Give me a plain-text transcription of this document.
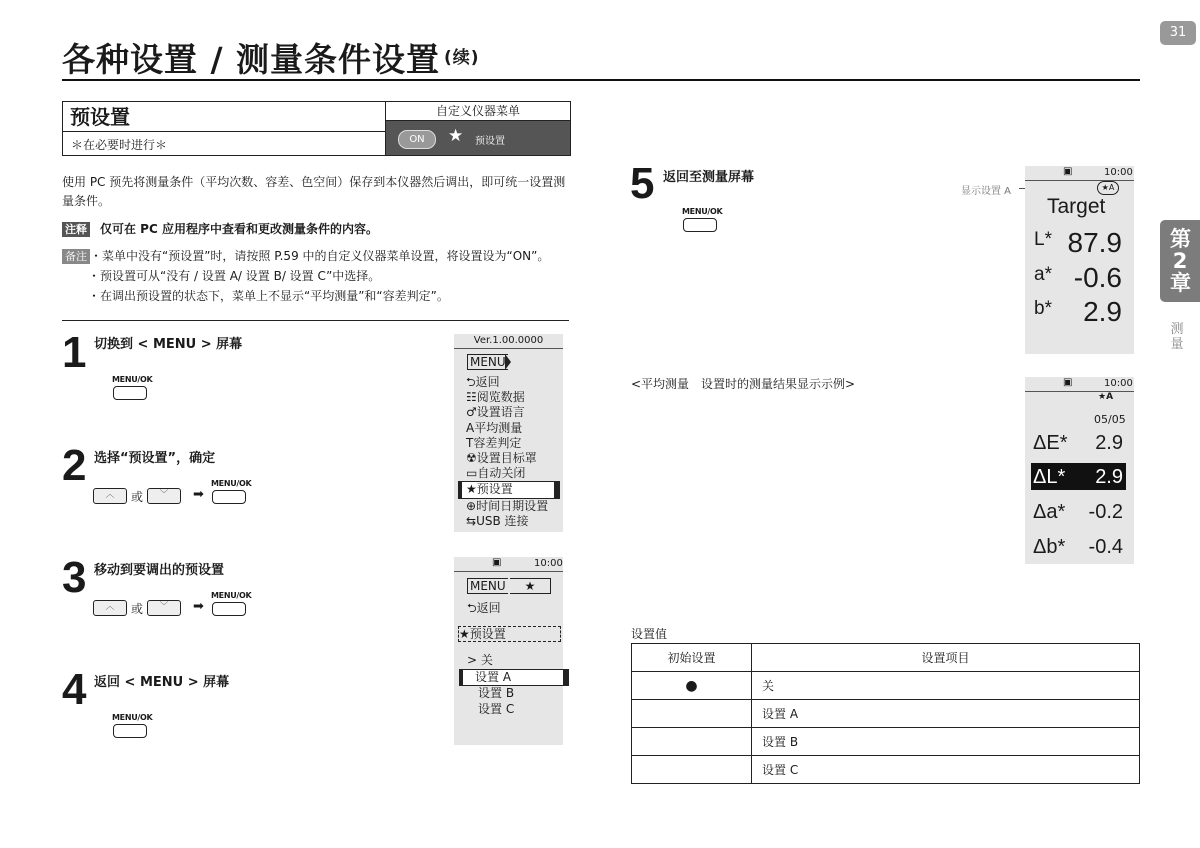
31
各种设置 / 测量条件设置 $^{(续)}$
第2章
测量
预设置
＊在必要时进行＊
自定义仪器菜单
ON	★ 预设置
使用 PC 预先将测量条件（平均次数、容差、色空间）保存到本仪器然后调出，即可统一设置测量条件。
注释 仅可在 PC 应用程序中查看和更改测量条件的内容。
备注 ・菜单中没有“预设置”时，请按照 P.59 中的自定义仪器菜单设置，将设置设为“ON”。
・预设置可从“没有 / 设置 A/ 设置 B/ 设置 C”中选择。
・在调出预设置的状态下，菜单上不显示“平均测量”和“容差判定”。
1 切换到 < MENU > 屏幕
MENU/OK
2 选择“预设置”，确定
︿	或	﹀	➡
MENU/OK
3 移动到要调出的预设置
︿	或	﹀	➡
MENU/OK
4 返回 < MENU > 屏幕
MENU/OK
Ver.1.00.0000
MENU
⮌返回
☷阅览数据
♂设置语言
A平均测量
T容差判定
☢设置目标罩
▭自动关闭
★预设置
⊕时间日期设置
⇆USB 连接
▣	10:00
MENU	★
⮌返回
★预设置
> 关
设置 A
设置 B
设置 C
5 返回至测量屏幕
MENU/OK
显示设置 A
▣	10:00
★A
Target
L* 87.9
a* -0.6
b* 2.9
<平均测量　设置时的测量结果显示示例>	▣	10:00
★A
05/05
ΔE* 2.9
ΔL* 2.9
Δa* -0.2
Δb* -0.4
设置值
初始设置	设置项目
●	关
	设置 A
	设置 B
	设置 C
